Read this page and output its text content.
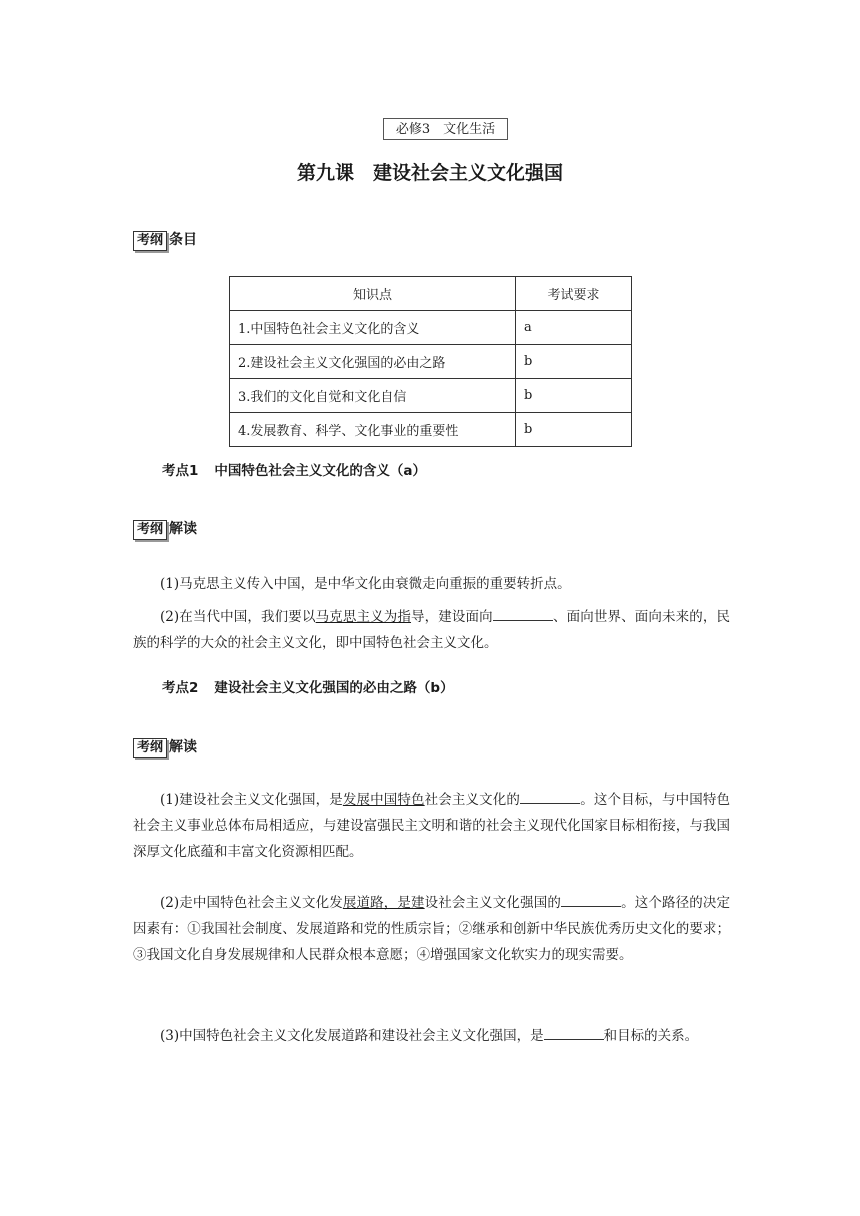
必修3　文化生活
第九课　建设社会主义文化强国
考纲 条目
知识点	考试要求
1.中国特色社会主义文化的含义	a
2.建设社会主义文化强国的必由之路	b
3.我们的文化自觉和文化自信	b
4.发展教育、科学、文化事业的重要性	b
考点1 中国特色社会主义文化的含义（a）
考纲 解读

(1)马克思主义传入中国，是中华文化由衰微走向重振的重要转折点。

(2)在当代中国，我们要以马克思主义为指导，建设面向	、面向世界、面向未来的，民族的科学的大众的社会主义文化，即中国特色社会主义文化。

考点2 建设社会主义文化强国的必由之路（b）
考纲 解读

(1)建设社会主义文化强国，是发展中国特色社会主义文化的	。这个目标，与中国特色社会主义事业总体布局相适应，与建设富强民主文明和谐的社会主义现代化国家目标相衔接，与我国深厚文化底蕴和丰富文化资源相匹配。

(2)走中国特色社会主义文化发展道路，是建设社会主义文化强国的	。这个路径的决定因素有：①我国社会制度、发展道路和党的性质宗旨；②继承和创新中华民族优秀历史文化的要求；③我国文化自身发展规律和人民群众根本意愿；④增强国家文化软实力的现实需要。

(3)中国特色社会主义文化发展道路和建设社会主义文化强国，是	和目标的关系。
